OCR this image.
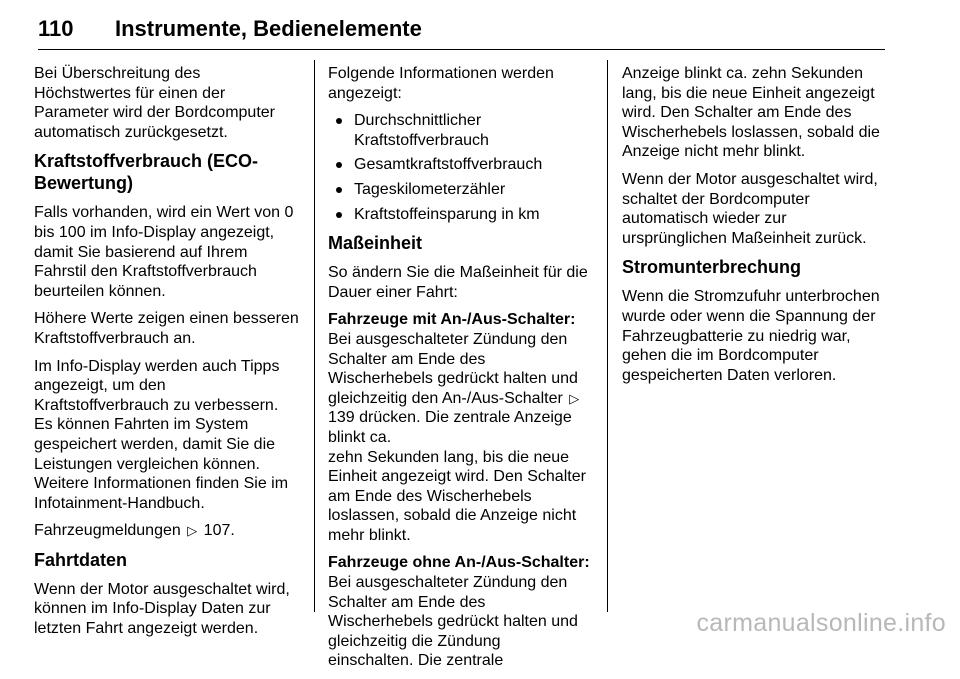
110 Instrumente, Bedienelemente

Bei Überschreitung des Höchstwertes für einen der Parameter wird der Bordcomputer automatisch zurückgesetzt.

Kraftstoffverbrauch (ECO-Bewertung)

Falls vorhanden, wird ein Wert von 0 bis 100 im Info-Display angezeigt, damit Sie basierend auf Ihrem Fahrstil den Kraftstoffverbrauch beurteilen können.

Höhere Werte zeigen einen besseren Kraftstoffverbrauch an.

Im Info-Display werden auch Tipps angezeigt, um den Kraftstoffverbrauch zu verbessern. Es können Fahrten im System gespeichert werden, damit Sie die Leistungen vergleichen können. Weitere Informationen finden Sie im Infotainment-Handbuch.

Fahrzeugmeldungen ▷ 107.

Fahrtdaten

Wenn der Motor ausgeschaltet wird, können im Info-Display Daten zur letzten Fahrt angezeigt werden.

Folgende Informationen werden angezeigt:

Durchschnittlicher Kraftstoffverbrauch
Gesamtkraftstoffverbrauch
Tageskilometerzähler
Kraftstoffeinsparung in km
Maßeinheit

So ändern Sie die Maßeinheit für die Dauer einer Fahrt:

Fahrzeuge mit An-/Aus-Schalter:

Bei ausgeschalteter Zündung den Schalter am Ende des Wischerhebels gedrückt halten und gleichzeitig den An-/Aus-Schalter ▷ 139 drücken. Die zentrale Anzeige blinkt ca.

zehn Sekunden lang, bis die neue Einheit angezeigt wird. Den Schalter am Ende des Wischerhebels loslassen, sobald die Anzeige nicht mehr blinkt.

Fahrzeuge ohne An-/Aus-Schalter:

Bei ausgeschalteter Zündung den Schalter am Ende des Wischerhebels gedrückt halten und gleichzeitig die Zündung einschalten. Die zentrale

Anzeige blinkt ca. zehn Sekunden lang, bis die neue Einheit angezeigt wird. Den Schalter am Ende des Wischerhebels loslassen, sobald die Anzeige nicht mehr blinkt.

Wenn der Motor ausgeschaltet wird, schaltet der Bordcomputer automatisch wieder zur ursprünglichen Maßeinheit zurück.

Stromunterbrechung

Wenn die Stromzufuhr unterbrochen wurde oder wenn die Spannung der Fahrzeugbatterie zu niedrig war, gehen die im Bordcomputer gespeicherten Daten verloren.

carmanualsonline.info
